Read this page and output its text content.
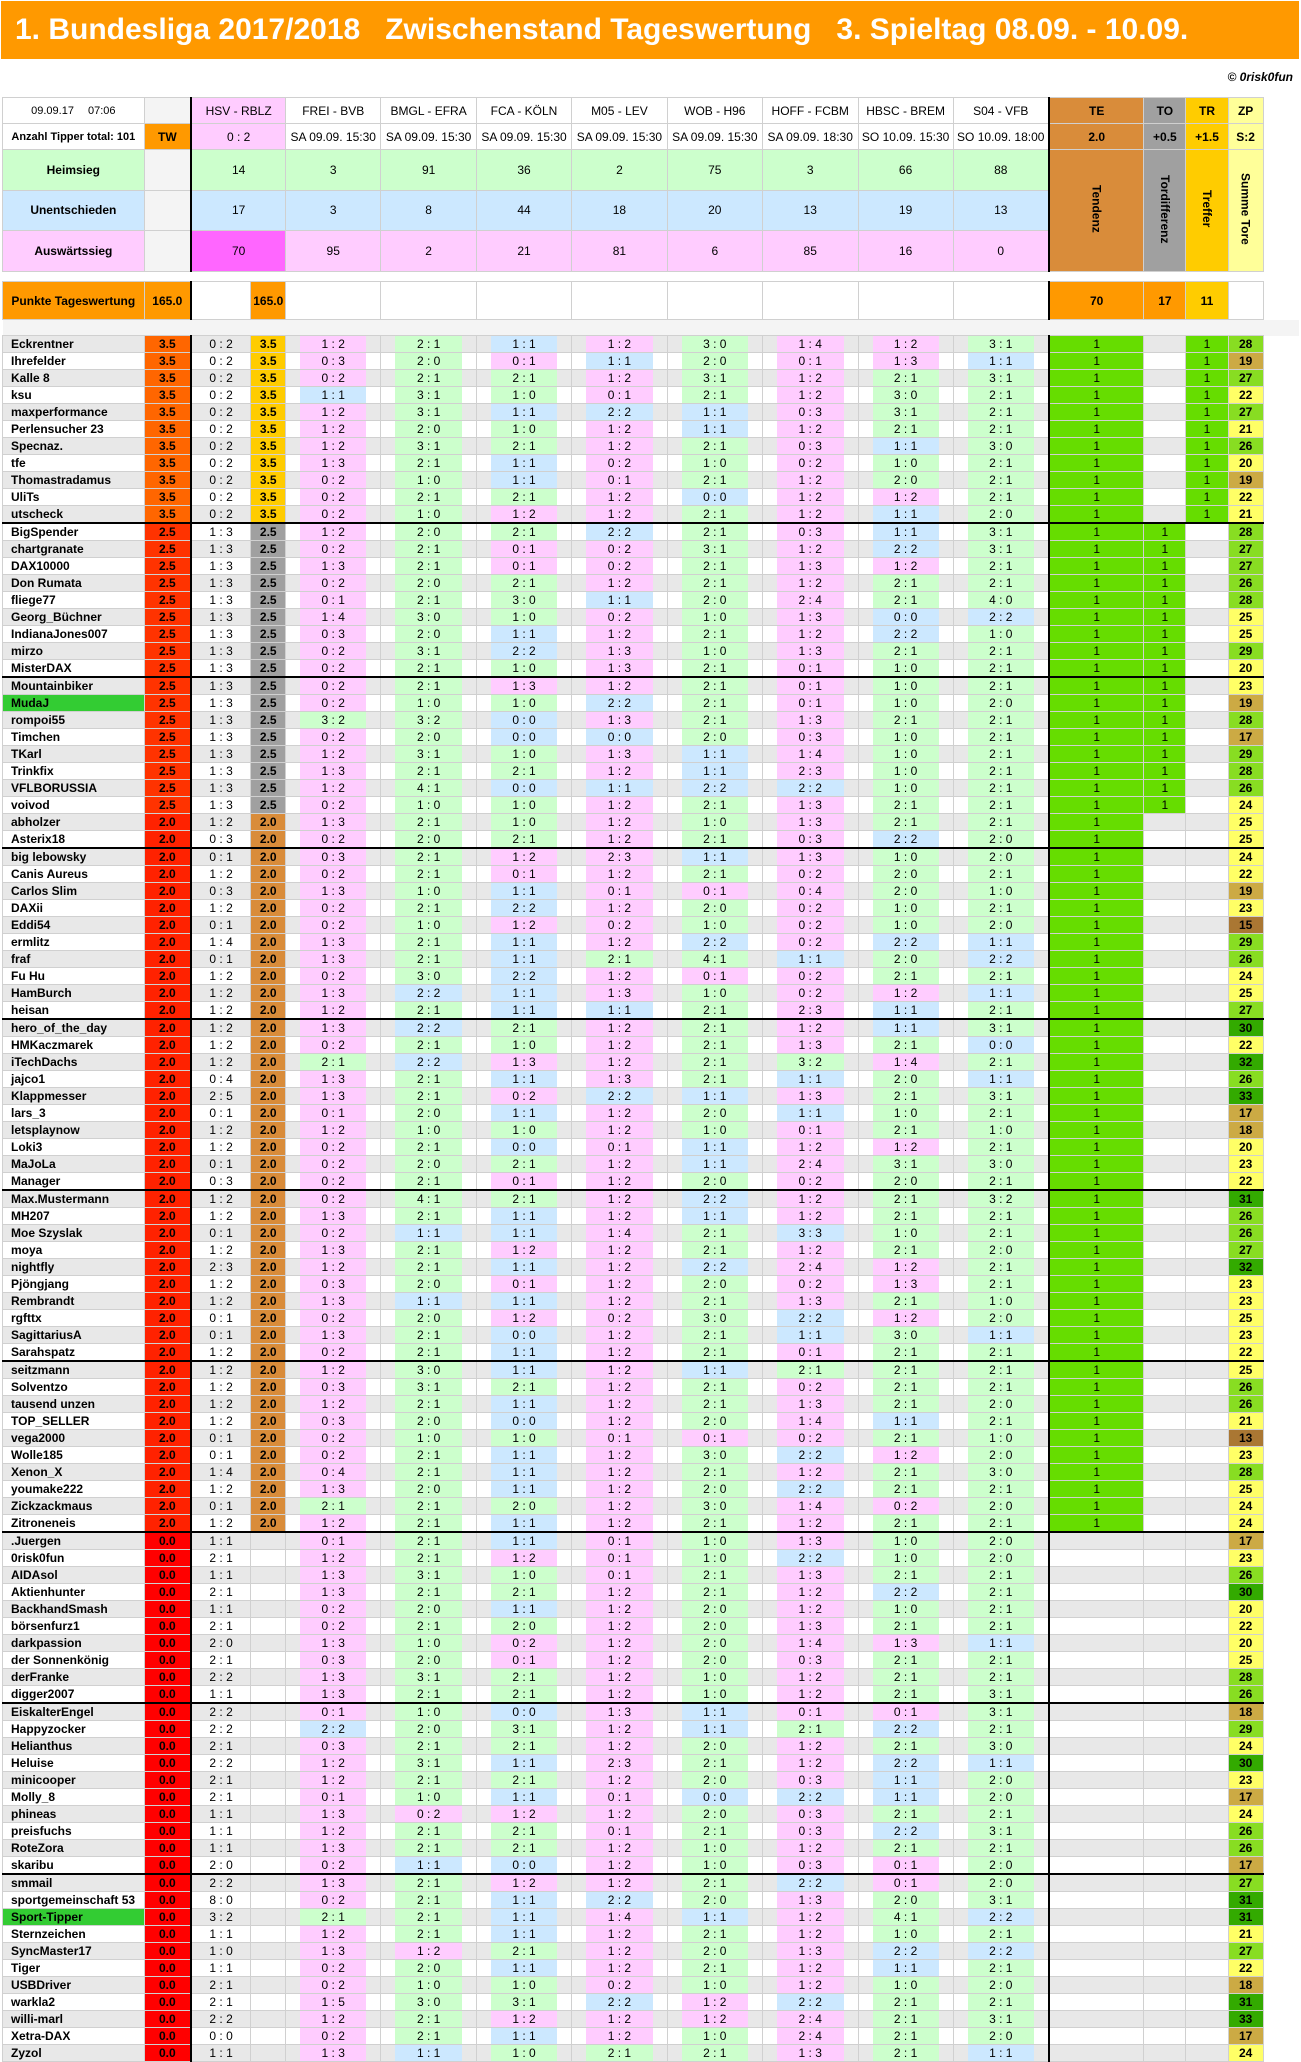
1. Bundesliga 2017/2018   Zwischenstand Tageswertung   3. Spieltag 08.09. - 10.09.
© 0risk0fun
09.09.17 07:06		HSV - RBLZ		FREI - BVB	BMGL - EFRA	FCA - KÖLN	M05 - LEV	WOB - H96	HOFF - FCBM	HBSC - BREM	S04 - VFB	TE	TO	TR	ZP	
Anzahl Tipper total: 101	TW	0 : 2		SA 09.09. 15:30	SA 09.09. 15:30	SA 09.09. 15:30	SA 09.09. 15:30	SA 09.09. 15:30	SA 09.09. 18:30	SO 10.09. 15:30	SO 10.09. 18:00	2.0	+0.5	+1.5	S:2	
Heimsieg		14		3	91	36	2	75	3	66	88	Tendenz	Tordifferenz	Treffer	Summe Tore	
Unentschieden		17		3	8	44	18	20	13	19	13					
Auswärtssieg		70		95	2	21	81	6	85	16	0					

Punkte Tageswertung	165.0		165.0									70	17	11		

Eckrentner	3.5	0 : 2	3.5	1 : 2	2 : 1	1 : 1	1 : 2	3 : 0	1 : 4	1 : 2	3 : 1	1		1	28	
Ihrefelder	3.5	0 : 2	3.5	0 : 3	2 : 0	0 : 1	1 : 1	2 : 0	0 : 1	1 : 3	1 : 1	1		1	19	
Kalle 8	3.5	0 : 2	3.5	0 : 2	2 : 1	2 : 1	1 : 2	3 : 1	1 : 2	2 : 1	3 : 1	1		1	27	
ksu	3.5	0 : 2	3.5	1 : 1	3 : 1	1 : 0	0 : 1	2 : 1	1 : 2	3 : 0	2 : 1	1		1	22	
maxperformance	3.5	0 : 2	3.5	1 : 2	3 : 1	1 : 1	2 : 2	1 : 1	0 : 3	3 : 1	2 : 1	1		1	27	
Perlensucher 23	3.5	0 : 2	3.5	1 : 2	2 : 0	1 : 0	1 : 2	1 : 1	1 : 2	2 : 1	2 : 1	1		1	21	
Specnaz.	3.5	0 : 2	3.5	1 : 2	3 : 1	2 : 1	1 : 2	2 : 1	0 : 3	1 : 1	3 : 0	1		1	26	
tfe	3.5	0 : 2	3.5	1 : 3	2 : 1	1 : 1	0 : 2	1 : 0	0 : 2	1 : 0	2 : 1	1		1	20	
Thomastradamus	3.5	0 : 2	3.5	0 : 2	1 : 0	1 : 1	0 : 1	2 : 1	1 : 2	2 : 0	2 : 1	1		1	19	
UliTs	3.5	0 : 2	3.5	0 : 2	2 : 1	2 : 1	1 : 2	0 : 0	1 : 2	1 : 2	2 : 1	1		1	22	
utscheck	3.5	0 : 2	3.5	0 : 2	1 : 0	1 : 2	1 : 2	2 : 1	1 : 2	1 : 1	2 : 0	1		1	21	
BigSpender	2.5	1 : 3	2.5	1 : 2	2 : 0	2 : 1	2 : 2	2 : 1	0 : 3	1 : 1	3 : 1	1	1		28	
chartgranate	2.5	1 : 3	2.5	0 : 2	2 : 1	0 : 1	0 : 2	3 : 1	1 : 2	2 : 2	3 : 1	1	1		27	
DAX10000	2.5	1 : 3	2.5	1 : 3	2 : 1	0 : 1	0 : 2	2 : 1	1 : 3	1 : 2	2 : 1	1	1		27	
Don Rumata	2.5	1 : 3	2.5	0 : 2	2 : 0	2 : 1	1 : 2	2 : 1	1 : 2	2 : 1	2 : 1	1	1		26	
fliege77	2.5	1 : 3	2.5	0 : 1	2 : 1	3 : 0	1 : 1	2 : 0	2 : 4	2 : 1	4 : 0	1	1		28	
Georg_Büchner	2.5	1 : 3	2.5	1 : 4	3 : 0	1 : 0	0 : 2	1 : 0	1 : 3	0 : 0	2 : 2	1	1		25	
IndianaJones007	2.5	1 : 3	2.5	0 : 3	2 : 0	1 : 1	1 : 2	2 : 1	1 : 2	2 : 2	1 : 0	1	1		25	
mirzo	2.5	1 : 3	2.5	0 : 2	3 : 1	2 : 2	1 : 3	1 : 0	1 : 3	2 : 1	2 : 1	1	1		29	
MisterDAX	2.5	1 : 3	2.5	0 : 2	2 : 1	1 : 0	1 : 3	2 : 1	0 : 1	1 : 0	2 : 1	1	1		20	
Mountainbiker	2.5	1 : 3	2.5	0 : 2	2 : 1	1 : 3	1 : 2	2 : 1	0 : 1	1 : 0	2 : 1	1	1		23	
MudaJ	2.5	1 : 3	2.5	0 : 2	1 : 0	1 : 0	2 : 2	2 : 1	0 : 1	1 : 0	2 : 0	1	1		19	
rompoi55	2.5	1 : 3	2.5	3 : 2	3 : 2	0 : 0	1 : 3	2 : 1	1 : 3	2 : 1	2 : 1	1	1		28	
Timchen	2.5	1 : 3	2.5	0 : 2	2 : 0	0 : 0	0 : 0	2 : 0	0 : 3	1 : 0	2 : 1	1	1		17	
TKarl	2.5	1 : 3	2.5	1 : 2	3 : 1	1 : 0	1 : 3	1 : 1	1 : 4	1 : 0	2 : 1	1	1		29	
Trinkfix	2.5	1 : 3	2.5	1 : 3	2 : 1	2 : 1	1 : 2	1 : 1	2 : 3	1 : 0	2 : 1	1	1		28	
VFLBORUSSIA	2.5	1 : 3	2.5	1 : 2	4 : 1	0 : 0	1 : 1	2 : 2	2 : 2	1 : 0	2 : 1	1	1		26	
voivod	2.5	1 : 3	2.5	0 : 2	1 : 0	1 : 0	1 : 2	2 : 1	1 : 3	2 : 1	2 : 1	1	1		24	
abholzer	2.0	1 : 2	2.0	1 : 3	2 : 1	1 : 0	1 : 2	1 : 0	1 : 3	2 : 1	2 : 1	1			25	
Asterix18	2.0	0 : 3	2.0	0 : 2	2 : 0	2 : 1	1 : 2	2 : 1	0 : 3	2 : 2	2 : 0	1			25	
big lebowsky	2.0	0 : 1	2.0	0 : 3	2 : 1	1 : 2	2 : 3	1 : 1	1 : 3	1 : 0	2 : 0	1			24	
Canis Aureus	2.0	1 : 2	2.0	0 : 2	2 : 1	0 : 1	1 : 2	2 : 1	0 : 2	2 : 0	2 : 1	1			22	
Carlos Slim	2.0	0 : 3	2.0	1 : 3	1 : 0	1 : 1	0 : 1	0 : 1	0 : 4	2 : 0	1 : 0	1			19	
DAXii	2.0	1 : 2	2.0	0 : 2	2 : 1	2 : 2	1 : 2	2 : 0	0 : 2	1 : 0	2 : 1	1			23	
Eddi54	2.0	0 : 1	2.0	0 : 2	1 : 0	1 : 2	0 : 2	1 : 0	0 : 2	1 : 0	2 : 0	1			15	
ermlitz	2.0	1 : 4	2.0	1 : 3	2 : 1	1 : 1	1 : 2	2 : 2	0 : 2	2 : 2	1 : 1	1			29	
fraf	2.0	0 : 1	2.0	1 : 3	2 : 1	1 : 1	2 : 1	4 : 1	1 : 1	2 : 0	2 : 2	1			26	
Fu Hu	2.0	1 : 2	2.0	0 : 2	3 : 0	2 : 2	1 : 2	0 : 1	0 : 2	2 : 1	2 : 1	1			24	
HamBurch	2.0	1 : 2	2.0	1 : 3	2 : 2	1 : 1	1 : 3	1 : 0	0 : 2	1 : 2	1 : 1	1			25	
heisan	2.0	1 : 2	2.0	1 : 2	2 : 1	1 : 1	1 : 1	2 : 1	2 : 3	1 : 1	2 : 1	1			27	
hero_of_the_day	2.0	1 : 2	2.0	1 : 3	2 : 2	2 : 1	1 : 2	2 : 1	1 : 2	1 : 1	3 : 1	1			30	
HMKaczmarek	2.0	1 : 2	2.0	0 : 2	2 : 1	1 : 0	1 : 2	2 : 1	1 : 3	2 : 1	0 : 0	1			22	
iTechDachs	2.0	1 : 2	2.0	2 : 1	2 : 2	1 : 3	1 : 2	2 : 1	3 : 2	1 : 4	2 : 1	1			32	
jajco1	2.0	0 : 4	2.0	1 : 3	2 : 1	1 : 1	1 : 3	2 : 1	1 : 1	2 : 0	1 : 1	1			26	
Klappmesser	2.0	2 : 5	2.0	1 : 3	2 : 1	0 : 2	2 : 2	1 : 1	1 : 3	2 : 1	3 : 1	1			33	
lars_3	2.0	0 : 1	2.0	0 : 1	2 : 0	1 : 1	1 : 2	2 : 0	1 : 1	1 : 0	2 : 1	1			17	
letsplaynow	2.0	1 : 2	2.0	1 : 2	1 : 0	1 : 0	1 : 2	1 : 0	0 : 1	2 : 1	1 : 0	1			18	
Loki3	2.0	1 : 2	2.0	0 : 2	2 : 1	0 : 0	0 : 1	1 : 1	1 : 2	1 : 2	2 : 1	1			20	
MaJoLa	2.0	0 : 1	2.0	0 : 2	2 : 0	2 : 1	1 : 2	1 : 1	2 : 4	3 : 1	3 : 0	1			23	
Manager	2.0	0 : 3	2.0	0 : 2	2 : 1	0 : 1	1 : 2	2 : 0	0 : 2	2 : 0	2 : 1	1			22	
Max.Mustermann	2.0	1 : 2	2.0	0 : 2	4 : 1	2 : 1	1 : 2	2 : 2	1 : 2	2 : 1	3 : 2	1			31	
MH207	2.0	1 : 2	2.0	1 : 3	2 : 1	1 : 1	1 : 2	1 : 1	1 : 2	2 : 1	2 : 1	1			26	
Moe Szyslak	2.0	0 : 1	2.0	0 : 2	1 : 1	1 : 1	1 : 4	2 : 1	3 : 3	1 : 0	2 : 1	1			26	
moya	2.0	1 : 2	2.0	1 : 3	2 : 1	1 : 2	1 : 2	2 : 1	1 : 2	2 : 1	2 : 0	1			27	
nightfly	2.0	2 : 3	2.0	1 : 2	2 : 1	1 : 1	1 : 2	2 : 2	2 : 4	1 : 2	2 : 1	1			32	
Pjöngjang	2.0	1 : 2	2.0	0 : 3	2 : 0	0 : 1	1 : 2	2 : 0	0 : 2	1 : 3	2 : 1	1			23	
Rembrandt	2.0	1 : 2	2.0	1 : 3	1 : 1	1 : 1	1 : 2	2 : 1	1 : 3	2 : 1	1 : 0	1			23	
rgfttx	2.0	0 : 1	2.0	0 : 2	2 : 0	1 : 2	0 : 2	3 : 0	2 : 2	1 : 2	2 : 0	1			25	
SagittariusA	2.0	0 : 1	2.0	1 : 3	2 : 1	0 : 0	1 : 2	2 : 1	1 : 1	3 : 0	1 : 1	1			23	
Sarahspatz	2.0	1 : 2	2.0	0 : 2	2 : 1	1 : 1	1 : 2	2 : 1	0 : 1	2 : 1	2 : 1	1			22	
seitzmann	2.0	1 : 2	2.0	1 : 2	3 : 0	1 : 1	1 : 2	1 : 1	2 : 1	2 : 1	2 : 1	1			25	
Solventzo	2.0	1 : 2	2.0	0 : 3	3 : 1	2 : 1	1 : 2	2 : 1	0 : 2	2 : 1	2 : 1	1			26	
tausend unzen	2.0	1 : 2	2.0	1 : 2	2 : 1	1 : 1	1 : 2	2 : 1	1 : 3	2 : 1	2 : 0	1			26	
TOP_SELLER	2.0	1 : 2	2.0	0 : 3	2 : 0	0 : 0	1 : 2	2 : 0	1 : 4	1 : 1	2 : 1	1			21	
vega2000	2.0	0 : 1	2.0	0 : 2	1 : 0	1 : 0	0 : 1	0 : 1	0 : 2	2 : 1	1 : 0	1			13	
Wolle185	2.0	0 : 1	2.0	0 : 2	2 : 1	1 : 1	1 : 2	3 : 0	2 : 2	1 : 2	2 : 0	1			23	
Xenon_X	2.0	1 : 4	2.0	0 : 4	2 : 1	1 : 1	1 : 2	2 : 1	1 : 2	2 : 1	3 : 0	1			28	
youmake222	2.0	1 : 2	2.0	1 : 3	2 : 0	1 : 1	1 : 2	2 : 0	2 : 2	2 : 1	2 : 1	1			25	
Zickzackmaus	2.0	0 : 1	2.0	2 : 1	2 : 1	2 : 0	1 : 2	3 : 0	1 : 4	0 : 2	2 : 0	1			24	
Zitroneneis	2.0	1 : 2	2.0	1 : 2	2 : 1	1 : 1	1 : 2	2 : 1	1 : 2	2 : 1	2 : 1	1			24	
.Juergen	0.0	1 : 1		0 : 1	2 : 1	1 : 1	0 : 1	1 : 0	1 : 3	1 : 0	2 : 0				17	
0risk0fun	0.0	2 : 1		1 : 2	2 : 1	1 : 2	0 : 1	1 : 0	2 : 2	1 : 0	2 : 0				23	
AIDAsol	0.0	1 : 1		1 : 3	3 : 1	1 : 0	0 : 1	2 : 1	1 : 3	2 : 1	2 : 1				26	
Aktienhunter	0.0	2 : 1		1 : 3	2 : 1	2 : 1	1 : 2	2 : 1	1 : 2	2 : 2	2 : 1				30	
BackhandSmash	0.0	1 : 1		0 : 2	2 : 0	1 : 1	1 : 2	2 : 0	1 : 2	1 : 0	2 : 1				20	
börsenfurz1	0.0	2 : 1		0 : 2	2 : 1	2 : 0	1 : 2	2 : 0	1 : 3	2 : 1	2 : 1				22	
darkpassion	0.0	2 : 0		1 : 3	1 : 0	0 : 2	1 : 2	2 : 0	1 : 4	1 : 3	1 : 1				20	
der Sonnenkönig	0.0	2 : 1		0 : 3	2 : 0	0 : 1	1 : 2	2 : 0	0 : 3	2 : 1	2 : 1				25	
derFranke	0.0	2 : 2		1 : 3	3 : 1	2 : 1	1 : 2	1 : 0	1 : 2	2 : 1	2 : 1				28	
digger2007	0.0	1 : 1		1 : 3	2 : 1	2 : 1	1 : 2	1 : 0	1 : 2	2 : 1	3 : 1				26	
EiskalterEngel	0.0	2 : 2		0 : 1	1 : 0	0 : 0	1 : 3	1 : 1	0 : 1	0 : 1	3 : 1				18	
Happyzocker	0.0	2 : 2		2 : 2	2 : 0	3 : 1	1 : 2	1 : 1	2 : 1	2 : 2	2 : 1				29	
Helianthus	0.0	2 : 1		0 : 3	2 : 1	2 : 1	1 : 2	2 : 0	1 : 2	2 : 1	3 : 0				24	
Heluise	0.0	2 : 2		1 : 2	3 : 1	1 : 1	2 : 3	2 : 1	1 : 2	2 : 2	1 : 1				30	
minicooper	0.0	2 : 1		1 : 2	2 : 1	2 : 1	1 : 2	2 : 0	0 : 3	1 : 1	2 : 0				23	
Molly_8	0.0	2 : 1		0 : 1	1 : 0	1 : 1	0 : 1	0 : 0	2 : 2	1 : 1	2 : 0				17	
phineas	0.0	1 : 1		1 : 3	0 : 2	1 : 2	1 : 2	2 : 0	0 : 3	2 : 1	2 : 1				24	
preisfuchs	0.0	1 : 1		1 : 2	2 : 1	2 : 1	0 : 1	2 : 1	0 : 3	2 : 2	3 : 1				26	
RoteZora	0.0	1 : 1		1 : 3	2 : 1	2 : 1	1 : 2	1 : 0	1 : 2	2 : 1	2 : 1				26	
skaribu	0.0	2 : 0		0 : 2	1 : 1	0 : 0	1 : 2	1 : 0	0 : 3	0 : 1	2 : 0				17	
smmail	0.0	2 : 2		1 : 3	2 : 1	1 : 2	1 : 2	2 : 1	2 : 2	0 : 1	2 : 0				27	
sportgemeinschaft 53	0.0	8 : 0		0 : 2	2 : 1	1 : 1	2 : 2	2 : 0	1 : 3	2 : 0	3 : 1				31	
Sport-Tipper	0.0	3 : 2		2 : 1	2 : 1	1 : 1	1 : 4	1 : 1	1 : 2	4 : 1	2 : 2				31	
Sternzeichen	0.0	1 : 1		1 : 2	2 : 1	1 : 1	1 : 2	2 : 1	1 : 2	1 : 0	2 : 1				21	
SyncMaster17	0.0	1 : 0		1 : 3	1 : 2	2 : 1	1 : 2	2 : 0	1 : 3	2 : 2	2 : 2				27	
Tiger	0.0	1 : 1		0 : 2	2 : 0	1 : 1	1 : 2	2 : 1	1 : 2	1 : 1	2 : 1				22	
USBDriver	0.0	2 : 1		0 : 2	1 : 0	1 : 0	0 : 2	1 : 0	1 : 2	1 : 0	2 : 0				18	
warkla2	0.0	2 : 1		1 : 5	3 : 0	3 : 1	2 : 2	1 : 2	2 : 2	2 : 1	2 : 1				31	
willi-marl	0.0	2 : 2		1 : 2	2 : 1	1 : 2	1 : 2	1 : 2	2 : 4	2 : 1	3 : 1				33	
Xetra-DAX	0.0	0 : 0		0 : 2	2 : 1	1 : 1	1 : 2	1 : 0	2 : 4	2 : 1	2 : 0				17	
Zyzol	0.0	1 : 1		1 : 3	1 : 1	1 : 0	2 : 1	2 : 1	1 : 3	2 : 1	1 : 1				24	
